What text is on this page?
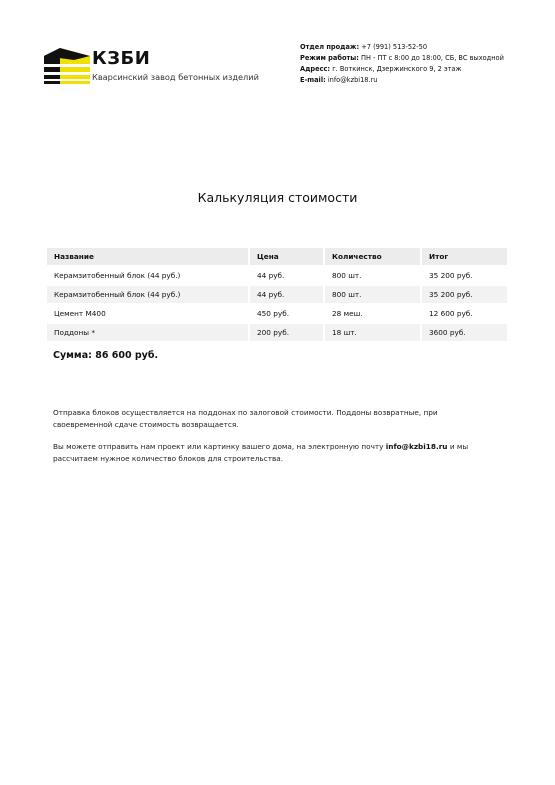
КЗБИ
Кварсинский завод бетонных изделий
Отдел продаж: +7 (991) 513-52-50
Режим работы: ПН - ПТ с 8:00 до 18:00, СБ, ВС выходной
Адресс: г. Воткинск, Дзержинского 9, 2 этаж
E-mail: info@kzbi18.ru
Калькуляция стоимости
Название	Цена	Количество	Итог
Керамзитобенный блок (44 руб.)	44 руб.	800 шт.	35 200 руб.
Керамзитобенный блок (44 руб.)	44 руб.	800 шт.	35 200 руб.
Цемент М400	450 руб.	28 меш.	12 600 руб.
Поддоны *	200 руб.	18 шт.	3600 руб.
Сумма: 86 600 руб.
Отправка блоков осуществляется на поддонах по залоговой стоимости. Поддоны возвратные, при своевременной сдаче стоимость возвращается.
Вы можете отправить нам проект или картинку вашего дома, на электронную почту info@kzbi18.ru и мы рассчитаем нужное количество блоков для строительства.
